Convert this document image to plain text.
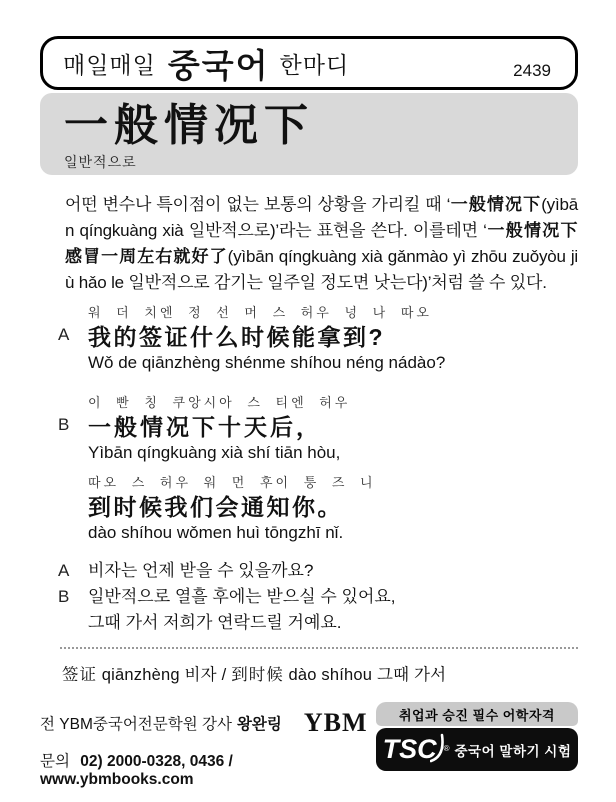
매일매일 중국어 한마디	2439
一般情况下
일반적으로

어떤 변수나 특이점이 없는 보통의 상황을 가리킬 때 ‘一般情况下(yìbān qíngkuàng xià 일반적으로)’라는 표현을 쓴다. 이를테면 ‘一般情况下感冒一周左右就好了(yìbān qíngkuàng xià gǎnmào yì zhōu zuǒyòu jiù hǎo le 일반적으로 감기는 일주일 정도면 낫는다)’처럼 쓸 수 있다.

A
워 더 치엔 정 선 머 스 허우 넝 나 따오
我的签证什么时候能拿到?
Wǒ de qiānzhèng shénme shíhou néng nádào?
B
이 빤 칭 쿠앙시아 스 티엔 허우
一般情况下十天后，
Yìbān qíngkuàng xià shí tiān hòu,
따오 스 허우 워 먼 후이 퉁 즈 니
到时候我们会通知你。
dào shíhou wǒmen huì tōngzhī nǐ.
A	비자는 언제 받을 수 있을까요?
B	일반적으로 열흘 후에는 받으실 수 있어요,
그때 가서 저희가 연락드릴 거예요.
签证 qiānzhèng 비자 / 到时候 dào shíhou 그때 가서
전 YBM중국어전문학원 강사 왕완링 YBM
문의 02) 2000-0328, 0436 / www.ybmbooks.com
취업과 승진 필수 어학자격
TSC ® 중국어 말하기 시험
